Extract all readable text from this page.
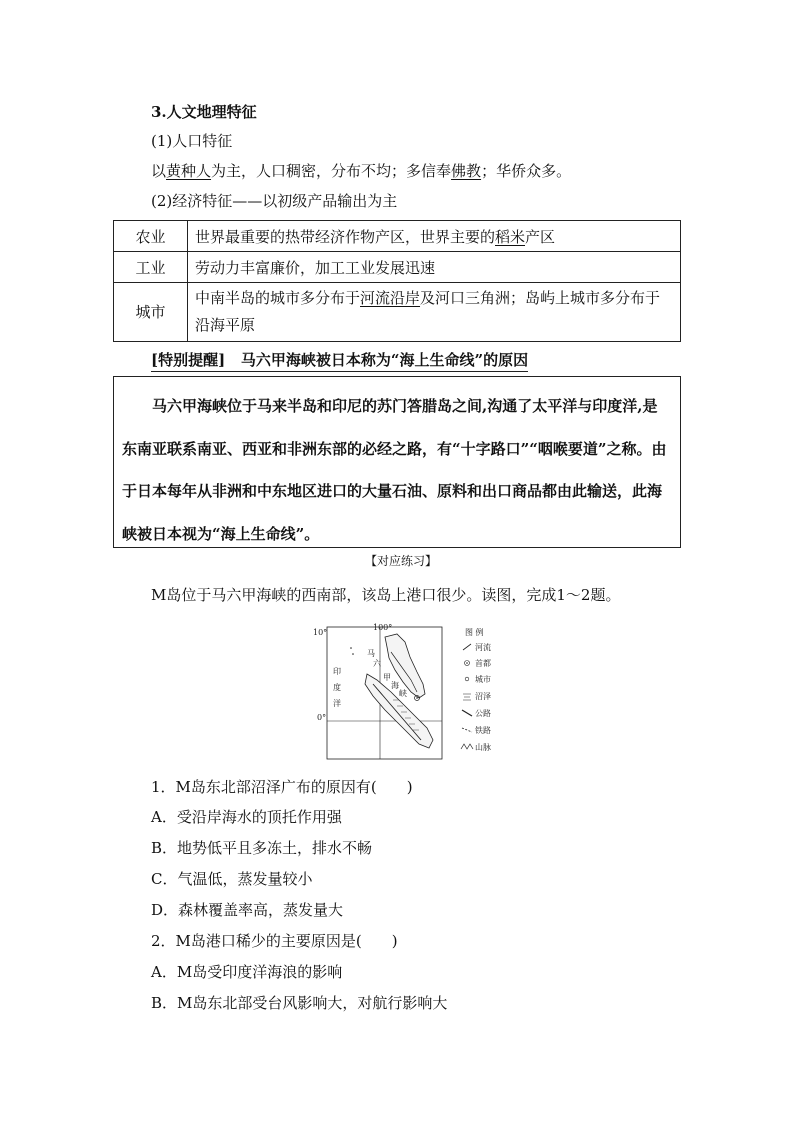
3.人文地理特征
(1)人口特征
以黄种人为主，人口稠密，分布不均；多信奉佛教；华侨众多。
(2)经济特征——以初级产品输出为主
农业	世界最重要的热带经济作物产区，世界主要的稻米产区
工业	劳动力丰富廉价，加工工业发展迅速
城市	中南半岛的城市多分布于河流沿岸及河口三角洲；岛屿上城市多分布于沿海平原
[特别提醒] 马六甲海峡被日本称为“海上生命线”的原因

马六甲海峡位于马来半岛和印尼的苏门答腊岛之间,沟通了太平洋与印度洋,是东南亚联系南亚、西亚和非洲东部的必经之路，有“十字路口”“咽喉要道”之称。由于日本每年从非洲和中东地区进口的大量石油、原料和出口商品都由此输送，此海峡被日本视为“海上生命线”。

【对应练习】
M岛位于马六甲海峡的西南部，该岛上港口很少。读图，完成1～2题。
10°
0°
100°
印
度
洋
马
六
甲
海
峡
图 例
河流
首都
城市
沼泽
公路
铁路
山脉
1．M岛东北部沼泽广布的原因有(　　)
A．受沿岸海水的顶托作用强
B．地势低平且多冻土，排水不畅
C．气温低，蒸发量较小
D．森林覆盖率高，蒸发量大
2．M岛港口稀少的主要原因是(　　)
A．M岛受印度洋海浪的影响
B．M岛东北部受台风影响大，对航行影响大
